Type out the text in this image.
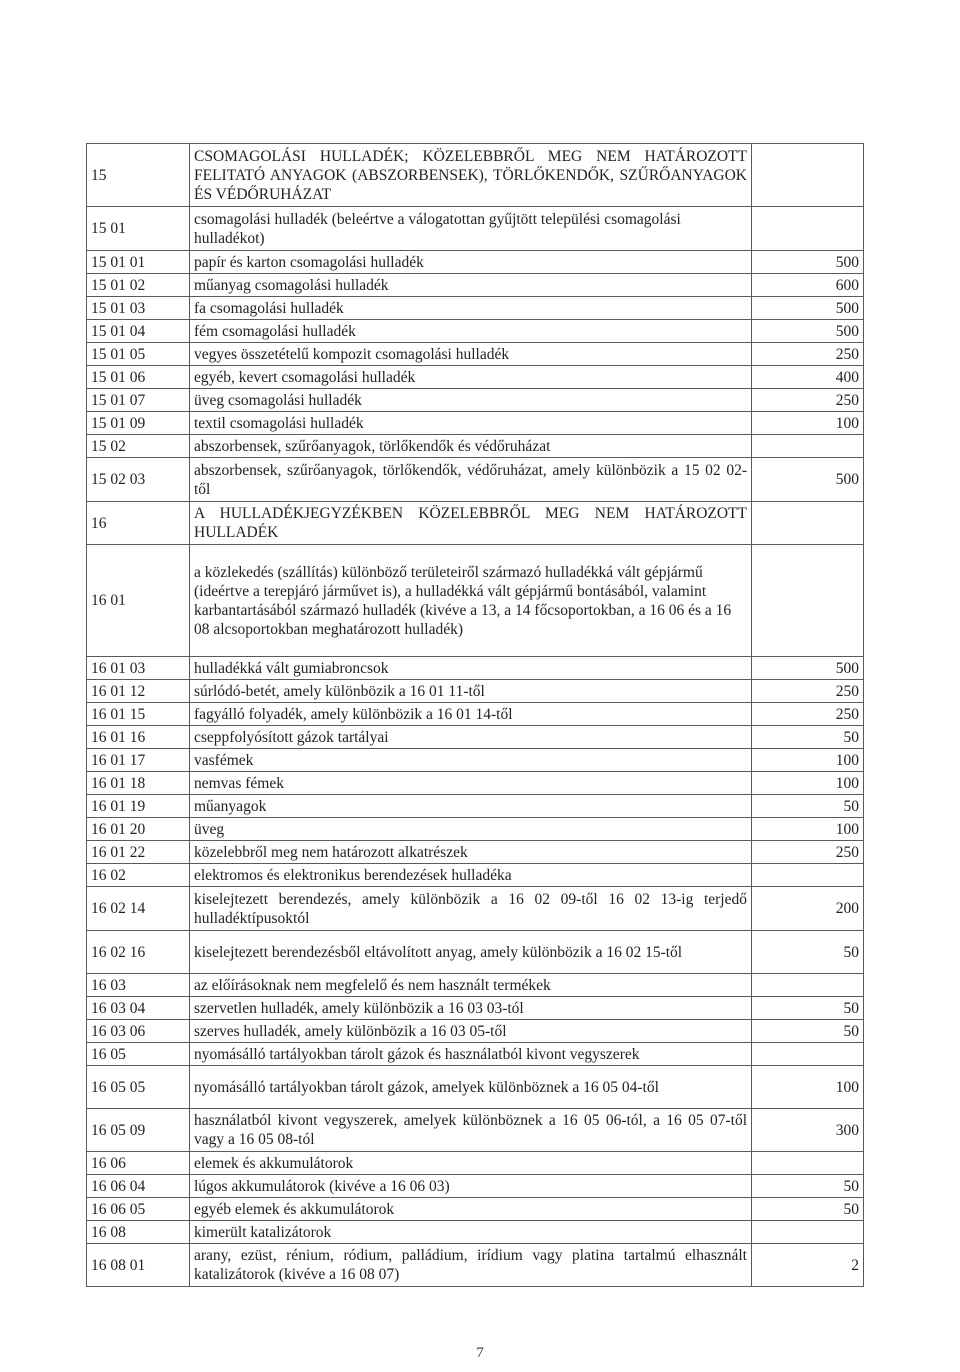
15	CSOMAGOLÁSI HULLADÉK; KÖZELEBBRŐL MEG NEM HATÁROZOTT FELITATÓ ANYAGOK (ABSZORBENSEK), TÖRLŐKENDŐK, SZŰRŐANYAGOK ÉS VÉDŐRUHÁZAT	
15 01	csomagolási hulladék (beleértve a válogatottan gyűjtött települési csomagolási hulladékot)	
15 01 01	papír és karton csomagolási hulladék	500
15 01 02	műanyag csomagolási hulladék	600
15 01 03	fa csomagolási hulladék	500
15 01 04	fém csomagolási hulladék	500
15 01 05	vegyes összetételű kompozit csomagolási hulladék	250
15 01 06	egyéb, kevert csomagolási hulladék	400
15 01 07	üveg csomagolási hulladék	250
15 01 09	textil csomagolási hulladék	100
15 02	abszorbensek, szűrőanyagok, törlőkendők és védőruházat	
15 02 03	abszorbensek, szűrőanyagok, törlőkendők, védőruházat, amely különbözik a 15 02 02-től	500
16	A HULLADÉKJEGYZÉKBEN KÖZELEBBRŐL MEG NEM HATÁROZOTT HULLADÉK	
16 01	a közlekedés (szállítás) különböző területeiről származó hulladékká vált gépjármű (ideértve a terepjáró járművet is), a hulladékká vált gépjármű bontásából, valamint karbantartásából származó hulladék (kivéve a 13, a 14 főcsoportokban, a 16 06 és a 16 08 alcsoportokban meghatározott hulladék)	
16 01 03	hulladékká vált gumiabroncsok	500
16 01 12	súrlódó-betét, amely különbözik a 16 01 11-től	250
16 01 15	fagyálló folyadék, amely különbözik a 16 01 14-től	250
16 01 16	cseppfolyósított gázok tartályai	50
16 01 17	vasfémek	100
16 01 18	nemvas fémek	100
16 01 19	műanyagok	50
16 01 20	üveg	100
16 01 22	közelebbről meg nem határozott alkatrészek	250
16 02	elektromos és elektronikus berendezések hulladéka	
16 02 14	kiselejtezett berendezés, amely különbözik a 16 02 09-től 16 02 13-ig terjedő hulladéktípusoktól	200
16 02 16	kiselejtezett berendezésből eltávolított anyag, amely különbözik a 16 02 15-től	50
16 03	az előírásoknak nem megfelelő és nem használt termékek	
16 03 04	szervetlen hulladék, amely különbözik a 16 03 03-tól	50
16 03 06	szerves hulladék, amely különbözik a 16 03 05-től	50
16 05	nyomásálló tartályokban tárolt gázok és használatból kivont vegyszerek	
16 05 05	nyomásálló tartályokban tárolt gázok, amelyek különböznek a 16 05 04-től	100
16 05 09	használatból kivont vegyszerek, amelyek különböznek a 16 05 06-tól, a 16 05 07-től vagy a 16 05 08-tól	300
16 06	elemek és akkumulátorok	
16 06 04	lúgos akkumulátorok (kivéve a 16 06 03)	50
16 06 05	egyéb elemek és akkumulátorok	50
16 08	kimerült katalizátorok	
16 08 01	arany, ezüst, rénium, ródium, palládium, irídium vagy platina tartalmú elhasznált katalizátorok (kivéve a 16 08 07)	2
7
